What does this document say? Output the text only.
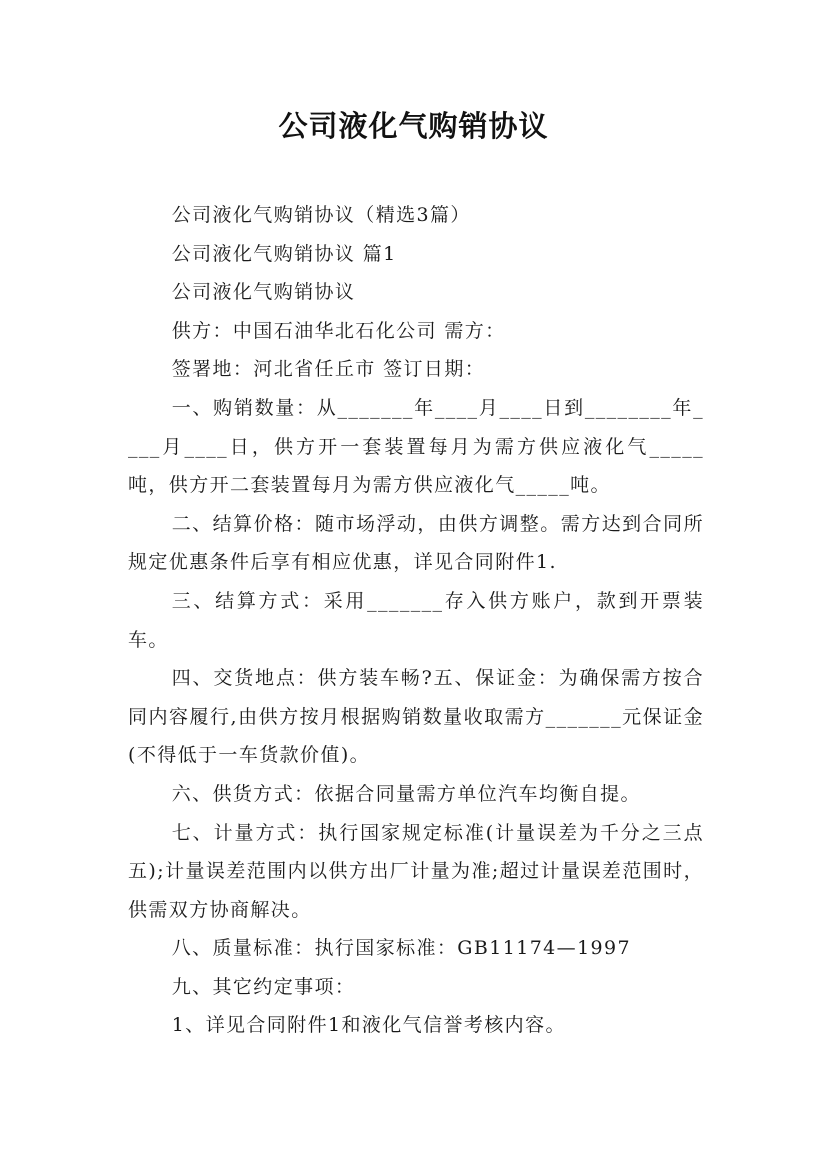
公司液化气购销协议

公司液化气购销协议（精选3篇）

公司液化气购销协议 篇1

公司液化气购销协议

供方：中国石油华北石化公司 需方：

签署地：河北省任丘市 签订日期：

一、购销数量：从_______年____月____日到________年____月____日，供方开一套装置每月为需方供应液化气_____吨，供方开二套装置每月为需方供应液化气_____吨。

二、结算价格：随市场浮动，由供方调整。需方达到合同所规定优惠条件后享有相应优惠，详见合同附件1.

三、结算方式：采用_______存入供方账户，款到开票装车。

四、交货地点：供方装车畅?五、保证金：为确保需方按合同内容履行,由供方按月根据购销数量收取需方_______元保证金(不得低于一车货款价值)。

六、供货方式：依据合同量需方单位汽车均衡自提。

七、计量方式：执行国家规定标准(计量误差为千分之三点五);计量误差范围内以供方出厂计量为准;超过计量误差范围时，供需双方协商解决。

八、质量标准：执行国家标准：GB11174—1997

九、其它约定事项：

1、详见合同附件1和液化气信誉考核内容。
